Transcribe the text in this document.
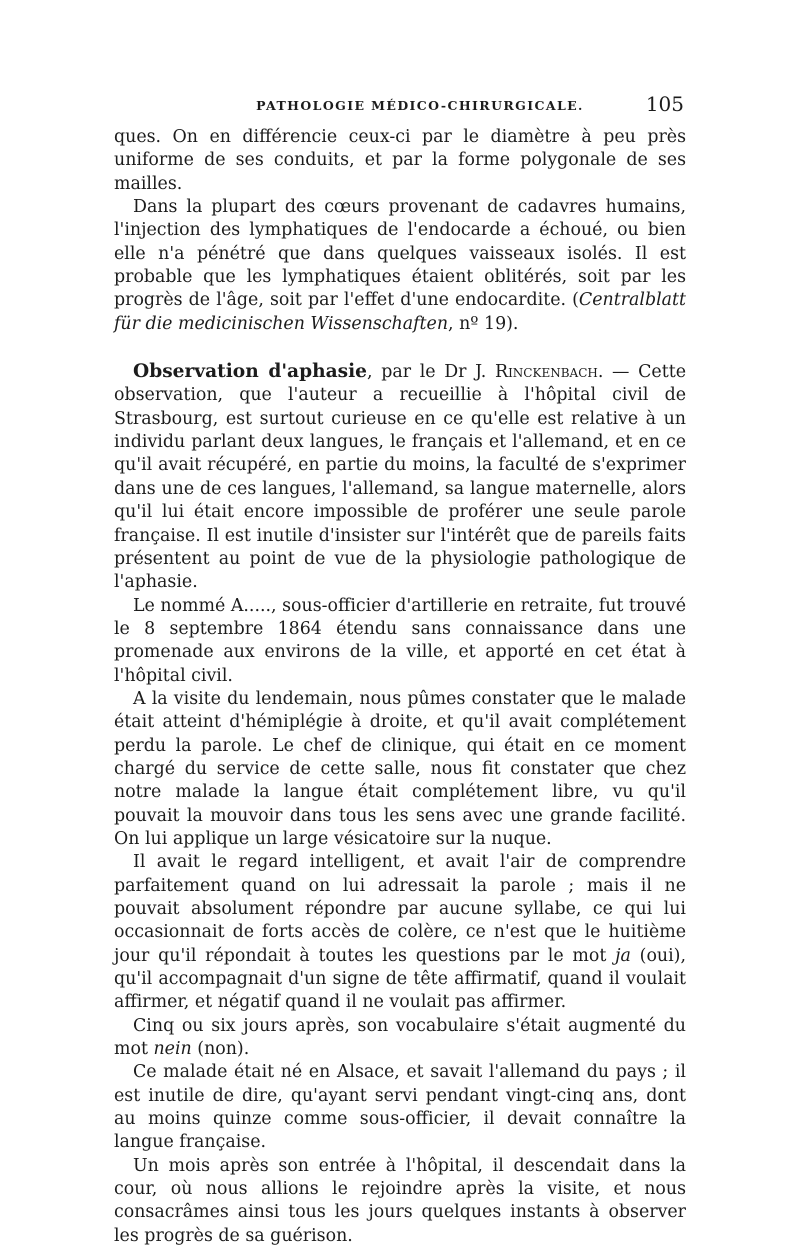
PATHOLOGIE MÉDICO-CHIRURGICALE.	105

ques. On en différencie ceux-ci par le diamètre à peu près uniforme de ses conduits, et par la forme polygonale de ses mailles.

Dans la plupart des cœurs provenant de cadavres humains, l'injection des lymphatiques de l'endocarde a échoué, ou bien elle n'a pénétré que dans quelques vaisseaux isolés. Il est probable que les lymphatiques étaient oblitérés, soit par les progrès de l'âge, soit par l'effet d'une endocardite. (Centralblatt für die medicinischen Wissenschaften, nº 19).

Observation d'aphasie, par le Dr J. Rinckenbach. — Cette observation, que l'auteur a recueillie à l'hôpital civil de Strasbourg, est surtout curieuse en ce qu'elle est relative à un individu parlant deux langues, le français et l'allemand, et en ce qu'il avait récupéré, en partie du moins, la faculté de s'exprimer dans une de ces langues, l'allemand, sa langue maternelle, alors qu'il lui était encore impossible de proférer une seule parole française. Il est inutile d'insister sur l'intérêt que de pareils faits présentent au point de vue de la physiologie pathologique de l'aphasie.

Le nommé A....., sous-officier d'artillerie en retraite, fut trouvé le 8 septembre 1864 étendu sans connaissance dans une promenade aux environs de la ville, et apporté en cet état à l'hôpital civil.

A la visite du lendemain, nous pûmes constater que le malade était atteint d'hémiplégie à droite, et qu'il avait complétement perdu la parole. Le chef de clinique, qui était en ce moment chargé du service de cette salle, nous fit constater que chez notre malade la langue était complétement libre, vu qu'il pouvait la mouvoir dans tous les sens avec une grande facilité. On lui applique un large vésicatoire sur la nuque.

Il avait le regard intelligent, et avait l'air de comprendre parfaitement quand on lui adressait la parole ; mais il ne pouvait absolument répondre par aucune syllabe, ce qui lui occasionnait de forts accès de colère, ce n'est que le huitième jour qu'il répondait à toutes les questions par le mot ja (oui), qu'il accompagnait d'un signe de tête affirmatif, quand il voulait affirmer, et négatif quand il ne voulait pas affirmer.

Cinq ou six jours après, son vocabulaire s'était augmenté du mot nein (non).

Ce malade était né en Alsace, et savait l'allemand du pays ; il est inutile de dire, qu'ayant servi pendant vingt-cinq ans, dont au moins quinze comme sous-officier, il devait connaître la langue française.

Un mois après son entrée à l'hôpital, il descendait dans la cour, où nous allions le rejoindre après la visite, et nous consacrâmes ainsi tous les jours quelques instants à observer les progrès de sa guérison.
